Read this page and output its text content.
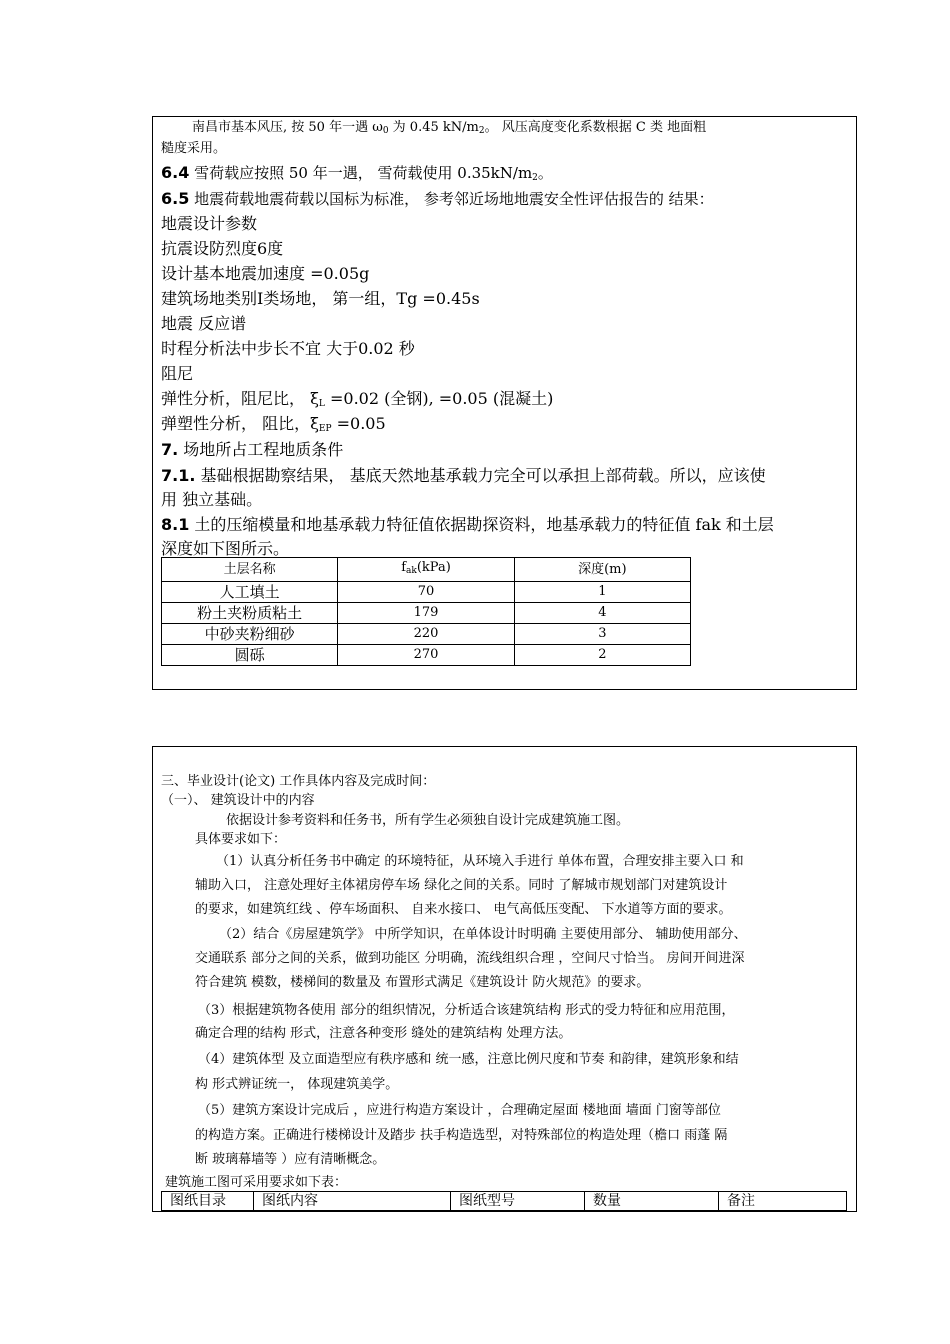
南昌市基本风压, 按 50 年一遇 $\omega_0$ 为 0.45 $kN/m_2$。 风压高度变化系数根据 C 类 地面粗
糙度采用。
6.4 雪荷载应按照 50 年一遇， 雪荷载使用 $0.35kN/m_2$。
6.5 地震荷载地震荷载以国标为标准， 参考邻近场地地震安全性评估报告的 结果：
地震设计参数
抗震设防烈度6度
设计基本地震加速度 =0.05g
建筑场地类别I类场地， 第一组，Tg =0.45s
地震 反应谱
时程分析法中步长不宜 大于0.02 秒
阻尼
弹性分析，阻尼比， $\xi_L =0.02$ (全钢), =0.05 (混凝土)
弹塑性分析， 阻比，$\xi_{EP} =0.05$
7. 场地所占工程地质条件
7.1. 基础根据勘察结果， 基底天然地基承载力完全可以承担上部荷载。所以，应该使
用 独立基础。
8.1 土的压缩模量和地基承载力特征值依据勘探资料，地基承载力的特征值 fak 和土层
深度如下图所示。
土层名称	$f_{ak}(kPa)$	深度(m)
人工填土	70	1
粉土夹粉质粘土	179	4
中砂夹粉细砂	220	3
圆砾	270	2
三、毕业设计(论文) 工作具体内容及完成时间：
（一）、 建筑设计中的内容
依据设计参考资料和任务书，所有学生必须独自设计完成建筑施工图。
具体要求如下：
（1）认真分析任务书中确定 的环境特征，从环境入手进行 单体布置，合理安排主要入口 和
辅助入口， 注意处理好主体裙房停车场 绿化之间的关系。同时 了解城市规划部门对建筑设计
的要求，如建筑红线 、停车场面积、 自来水接口、 电气高低压变配、 下水道等方面的要求。
（2）结合《房屋建筑学》 中所学知识，在单体设计时明确 主要使用部分、 辅助使用部分、
交通联系 部分之间的关系，做到功能区 分明确，流线组织合理 ，空间尺寸恰当。 房间开间进深
符合建筑 模数，楼梯间的数量及 布置形式满足《建筑设计 防火规范》的要求。
（3）根据建筑物各使用 部分的组织情况，分析适合该建筑结构 形式的受力特征和应用范围，
确定合理的结构 形式，注意各种变形 缝处的建筑结构 处理方法。
（4）建筑体型 及立面造型应有秩序感和 统一感，注意比例尺度和节奏 和韵律，建筑形象和结
构 形式辨证统一， 体现建筑美学。
（5）建筑方案设计完成后 ，应进行构造方案设计 ，合理确定屋面 楼地面 墙面 门窗等部位
的构造方案。正确进行楼梯设计及踏步 扶手构造选型，对特殊部位的构造处理（檐口 雨蓬 隔
断 玻璃幕墙等 ）应有清晰概念。
建筑施工图可采用要求如下表：
图纸目录	图纸内容	图纸型号	数量	备注
